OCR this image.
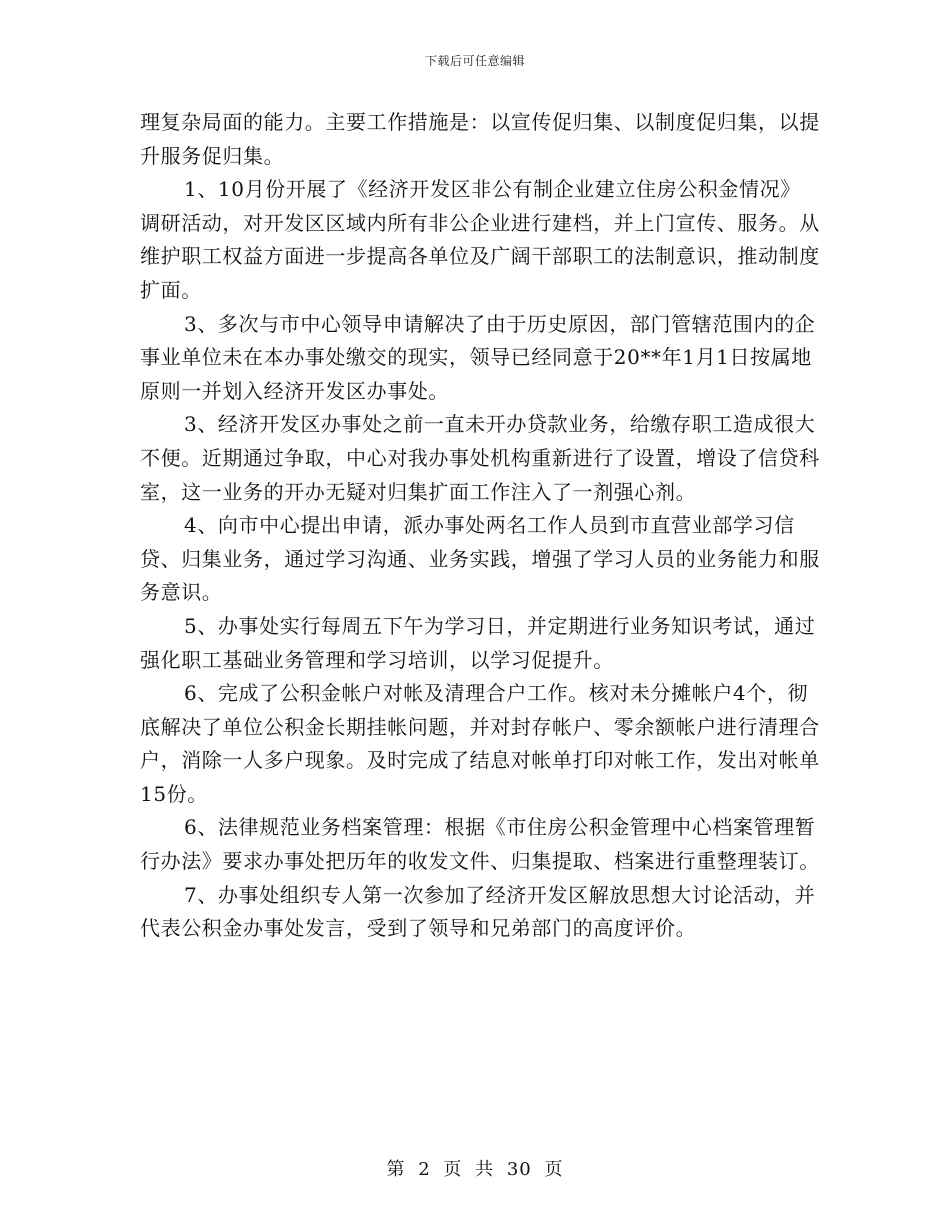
下载后可任意编辑

理复杂局面的能力。主要工作措施是：以宣传促归集、以制度促归集，以提升服务促归集。

1、10月份开展了《经济开发区非公有制企业建立住房公积金情况》调研活动，对开发区区域内所有非公企业进行建档，并上门宣传、服务。从维护职工权益方面进一步提高各单位及广阔干部职工的法制意识，推动制度扩面。

3、多次与市中心领导申请解决了由于历史原因，部门管辖范围内的企事业单位未在本办事处缴交的现实，领导已经同意于20**年1月1日按属地原则一并划入经济开发区办事处。

3、经济开发区办事处之前一直未开办贷款业务，给缴存职工造成很大不便。近期通过争取，中心对我办事处机构重新进行了设置，增设了信贷科室，这一业务的开办无疑对归集扩面工作注入了一剂强心剂。

4、向市中心提出申请，派办事处两名工作人员到市直营业部学习信贷、归集业务，通过学习沟通、业务实践，增强了学习人员的业务能力和服务意识。

5、办事处实行每周五下午为学习日，并定期进行业务知识考试，通过强化职工基础业务管理和学习培训，以学习促提升。

6、完成了公积金帐户对帐及清理合户工作。核对未分摊帐户4个，彻底解决了单位公积金长期挂帐问题，并对封存帐户、零余额帐户进行清理合户，消除一人多户现象。及时完成了结息对帐单打印对帐工作，发出对帐单15份。

6、法律规范业务档案管理：根据《市住房公积金管理中心档案管理暂行办法》要求办事处把历年的收发文件、归集提取、档案进行重整理装订。

7、办事处组织专人第一次参加了经济开发区解放思想大讨论活动，并代表公积金办事处发言，受到了领导和兄弟部门的高度评价。

第 2 页 共 30 页
